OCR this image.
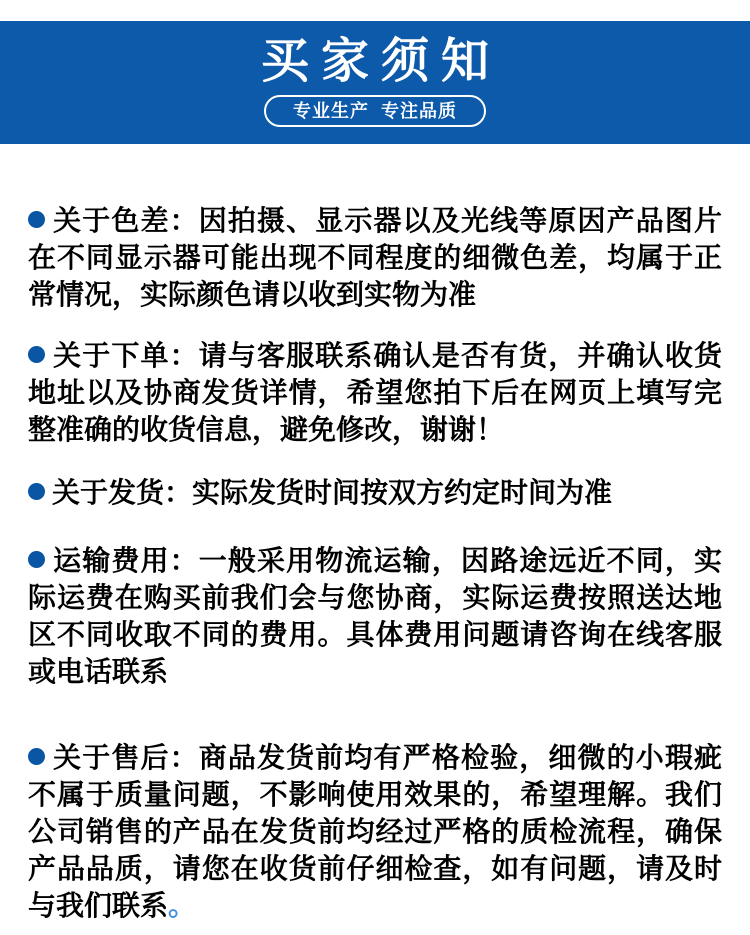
买家须知
专业生产  专注品质

关于色差：因拍摄、显示器以及光线等原因产品图片在不同显示器可能出现不同程度的细微色差，均属于正常情况，实际颜色请以收到实物为准

关于下单：请与客服联系确认是否有货，并确认收货地址以及协商发货详情，希望您拍下后在网页上填写完整准确的收货信息，避免修改，谢谢！

关于发货：实际发货时间按双方约定时间为准

运输费用：一般采用物流运输，因路途远近不同，实际运费在购买前我们会与您协商，实际运费按照送达地区不同收取不同的费用。具体费用问题请咨询在线客服或电话联系

关于售后：商品发货前均有严格检验，细微的小瑕疵不属于质量问题，不影响使用效果的，希望理解。我们公司销售的产品在发货前均经过严格的质检流程，确保产品品质，请您在收货前仔细检查，如有问题，请及时与我们联系。
